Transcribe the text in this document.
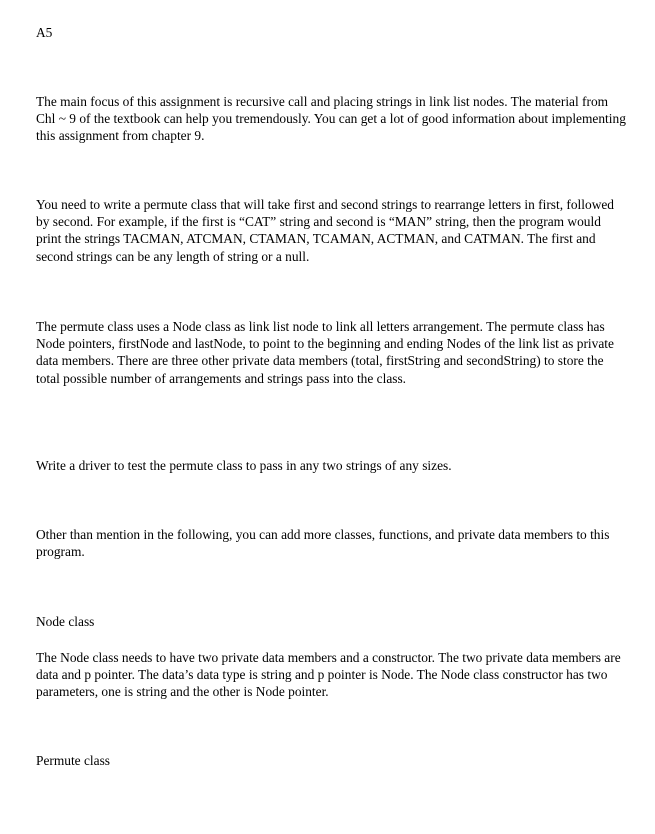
A5

The main focus of this assignment is recursive call and placing strings in link list nodes. The material from Chl ~ 9 of the textbook can help you tremendously. You can get a lot of good information about implementing this assignment from chapter 9.

You need to write a permute class that will take first and second strings to rearrange letters in first, followed by second. For example, if the first is “CAT” string and second is “MAN” string, then the program would print the strings TACMAN, ATCMAN, CTAMAN, TCAMAN, ACTMAN, and CATMAN. The first and second strings can be any length of string or a null.

The permute class uses a Node class as link list node to link all letters arrangement. The permute class has Node pointers, firstNode and lastNode, to point to the beginning and ending Nodes of the link list as private data members. There are three other private data members (total, firstString and secondString) to store the total possible number of arrangements and strings pass into the class.

Write a driver to test the permute class to pass in any two strings of any sizes.

Other than mention in the following, you can add more classes, functions, and private data members to this program.

Node class

The Node class needs to have two private data members and a constructor. The two private data members are data and p pointer. The data’s data type is string and p pointer is Node. The Node class constructor has two parameters, one is string and the other is Node pointer.

Permute class
